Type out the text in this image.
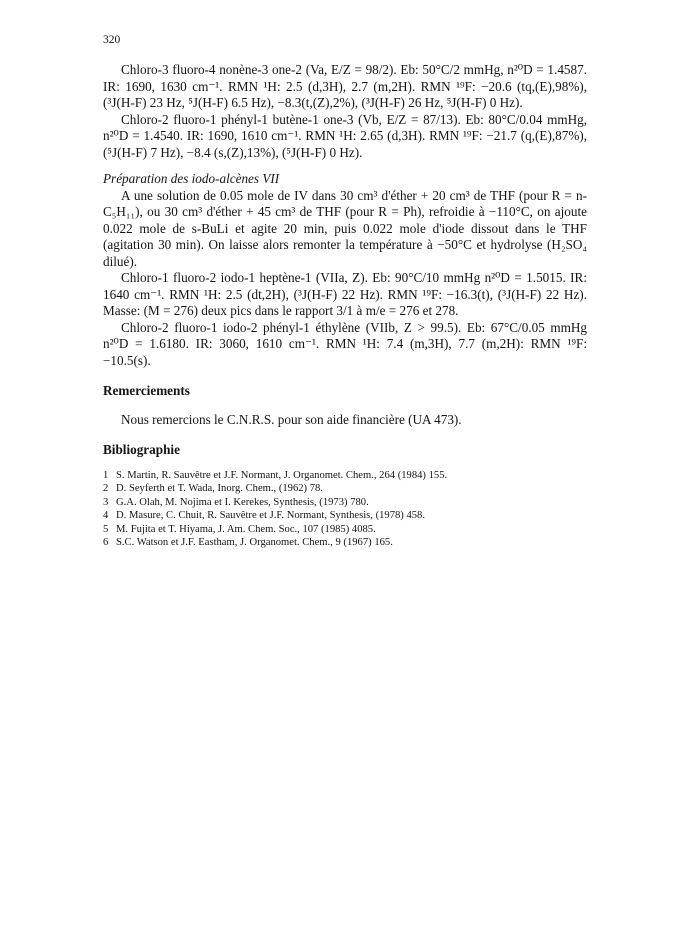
320

Chloro-3 fluoro-4 nonène-3 one-2 (Va, E/Z = 98/2). Eb: 50°C/2 mmHg, n²⁰D = 1.4587. IR: 1690, 1630 cm⁻¹. RMN ¹H: 2.5 (d,3H), 2.7 (m,2H). RMN ¹⁹F: −20.6 (tq,(E),98%), (³J(H-F) 23 Hz, ⁵J(H-F) 6.5 Hz), −8.3(t,(Z),2%), (³J(H-F) 26 Hz, ⁵J(H-F) 0 Hz).

Chloro-2 fluoro-1 phényl-1 butène-1 one-3 (Vb, E/Z = 87/13). Eb: 80°C/0.04 mmHg, n²⁰D = 1.4540. IR: 1690, 1610 cm⁻¹. RMN ¹H: 2.65 (d,3H). RMN ¹⁹F: −21.7 (q,(E),87%), (⁵J(H-F) 7 Hz), −8.4 (s,(Z),13%), (⁵J(H-F) 0 Hz).

Préparation des iodo-alcènes VII

A une solution de 0.05 mole de IV dans 30 cm³ d'éther + 20 cm³ de THF (pour R = n-C₅H₁₁), ou 30 cm³ d'éther + 45 cm³ de THF (pour R = Ph), refroidie à −110°C, on ajoute 0.022 mole de s-BuLi et agite 20 min, puis 0.022 mole d'iode dissout dans le THF (agitation 30 min). On laisse alors remonter la température à −50°C et hydrolyse (H₂SO₄ dilué).

Chloro-1 fluoro-2 iodo-1 heptène-1 (VIIa, Z). Eb: 90°C/10 mmHg n²⁰D = 1.5015. IR: 1640 cm⁻¹. RMN ¹H: 2.5 (dt,2H), (³J(H-F) 22 Hz). RMN ¹⁹F: −16.3(t), (³J(H-F) 22 Hz). Masse: (M = 276) deux pics dans le rapport 3/1 à m/e = 276 et 278.

Chloro-2 fluoro-1 iodo-2 phényl-1 éthylène (VIIb, Z > 99.5). Eb: 67°C/0.05 mmHg n²⁰D = 1.6180. IR: 3060, 1610 cm⁻¹. RMN ¹H: 7.4 (m,3H), 7.7 (m,2H): RMN ¹⁹F: −10.5(s).

Remerciements

Nous remercions le C.N.R.S. pour son aide financière (UA 473).

Bibliographie

1 S. Martin, R. Sauvêtre et J.F. Normant, J. Organomet. Chem., 264 (1984) 155.

2 D. Seyferth et T. Wada, Inorg. Chem., (1962) 78.

3 G.A. Olah, M. Nojima et I. Kerekes, Synthesis, (1973) 780.

4 D. Masure, C. Chuit, R. Sauvêtre et J.F. Normant, Synthesis, (1978) 458.

5 M. Fujita et T. Hiyama, J. Am. Chem. Soc., 107 (1985) 4085.

6 S.C. Watson et J.F. Eastham, J. Organomet. Chem., 9 (1967) 165.
